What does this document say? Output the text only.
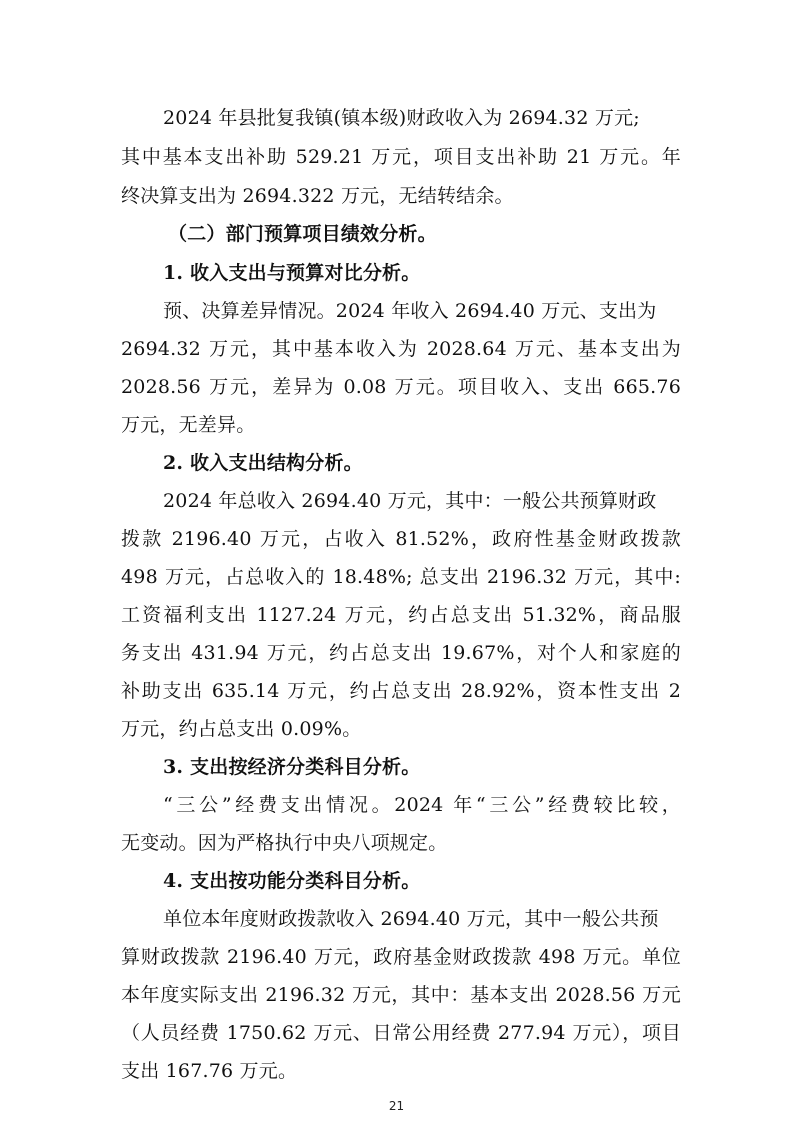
2024 年县批复我镇(镇本级)财政收入为 2694.32 万元;
其中基本支出补助 529.21 万元，项目支出补助 21 万元。年
终决算支出为 2694.322 万元，无结转结余。
（二）部门预算项目绩效分析。
1. 收入支出与预算对比分析。
预、决算差异情况。2024 年收入 2694.40 万元、支出为
2694.32 万元，其中基本收入为 2028.64 万元、基本支出为
2028.56 万元，差异为 0.08 万元。项目收入、支出 665.76
万元，无差异。
2. 收入支出结构分析。
2024 年总收入 2694.40 万元，其中：一般公共预算财政
拨款 2196.40 万元，占收入 81.52%，政府性基金财政拨款
498 万元，占总收入的 18.48%; 总支出 2196.32 万元，其中:
工资福利支出 1127.24 万元，约占总支出 51.32%，商品服
务支出 431.94 万元，约占总支出 19.67%，对个人和家庭的
补助支出 635.14 万元，约占总支出 28.92%，资本性支出 2
万元，约占总支出 0.09%。
3. 支出按经济分类科目分析。
“三公”经费支出情况。2024 年“三公”经费较比较，
无变动。因为严格执行中央八项规定。
4. 支出按功能分类科目分析。
单位本年度财政拨款收入 2694.40 万元，其中一般公共预
算财政拨款 2196.40 万元，政府基金财政拨款 498 万元。单位
本年度实际支出 2196.32 万元，其中：基本支出 2028.56 万元
（人员经费 1750.62 万元、日常公用经费 277.94 万元），项目
支出 167.76 万元。
21
